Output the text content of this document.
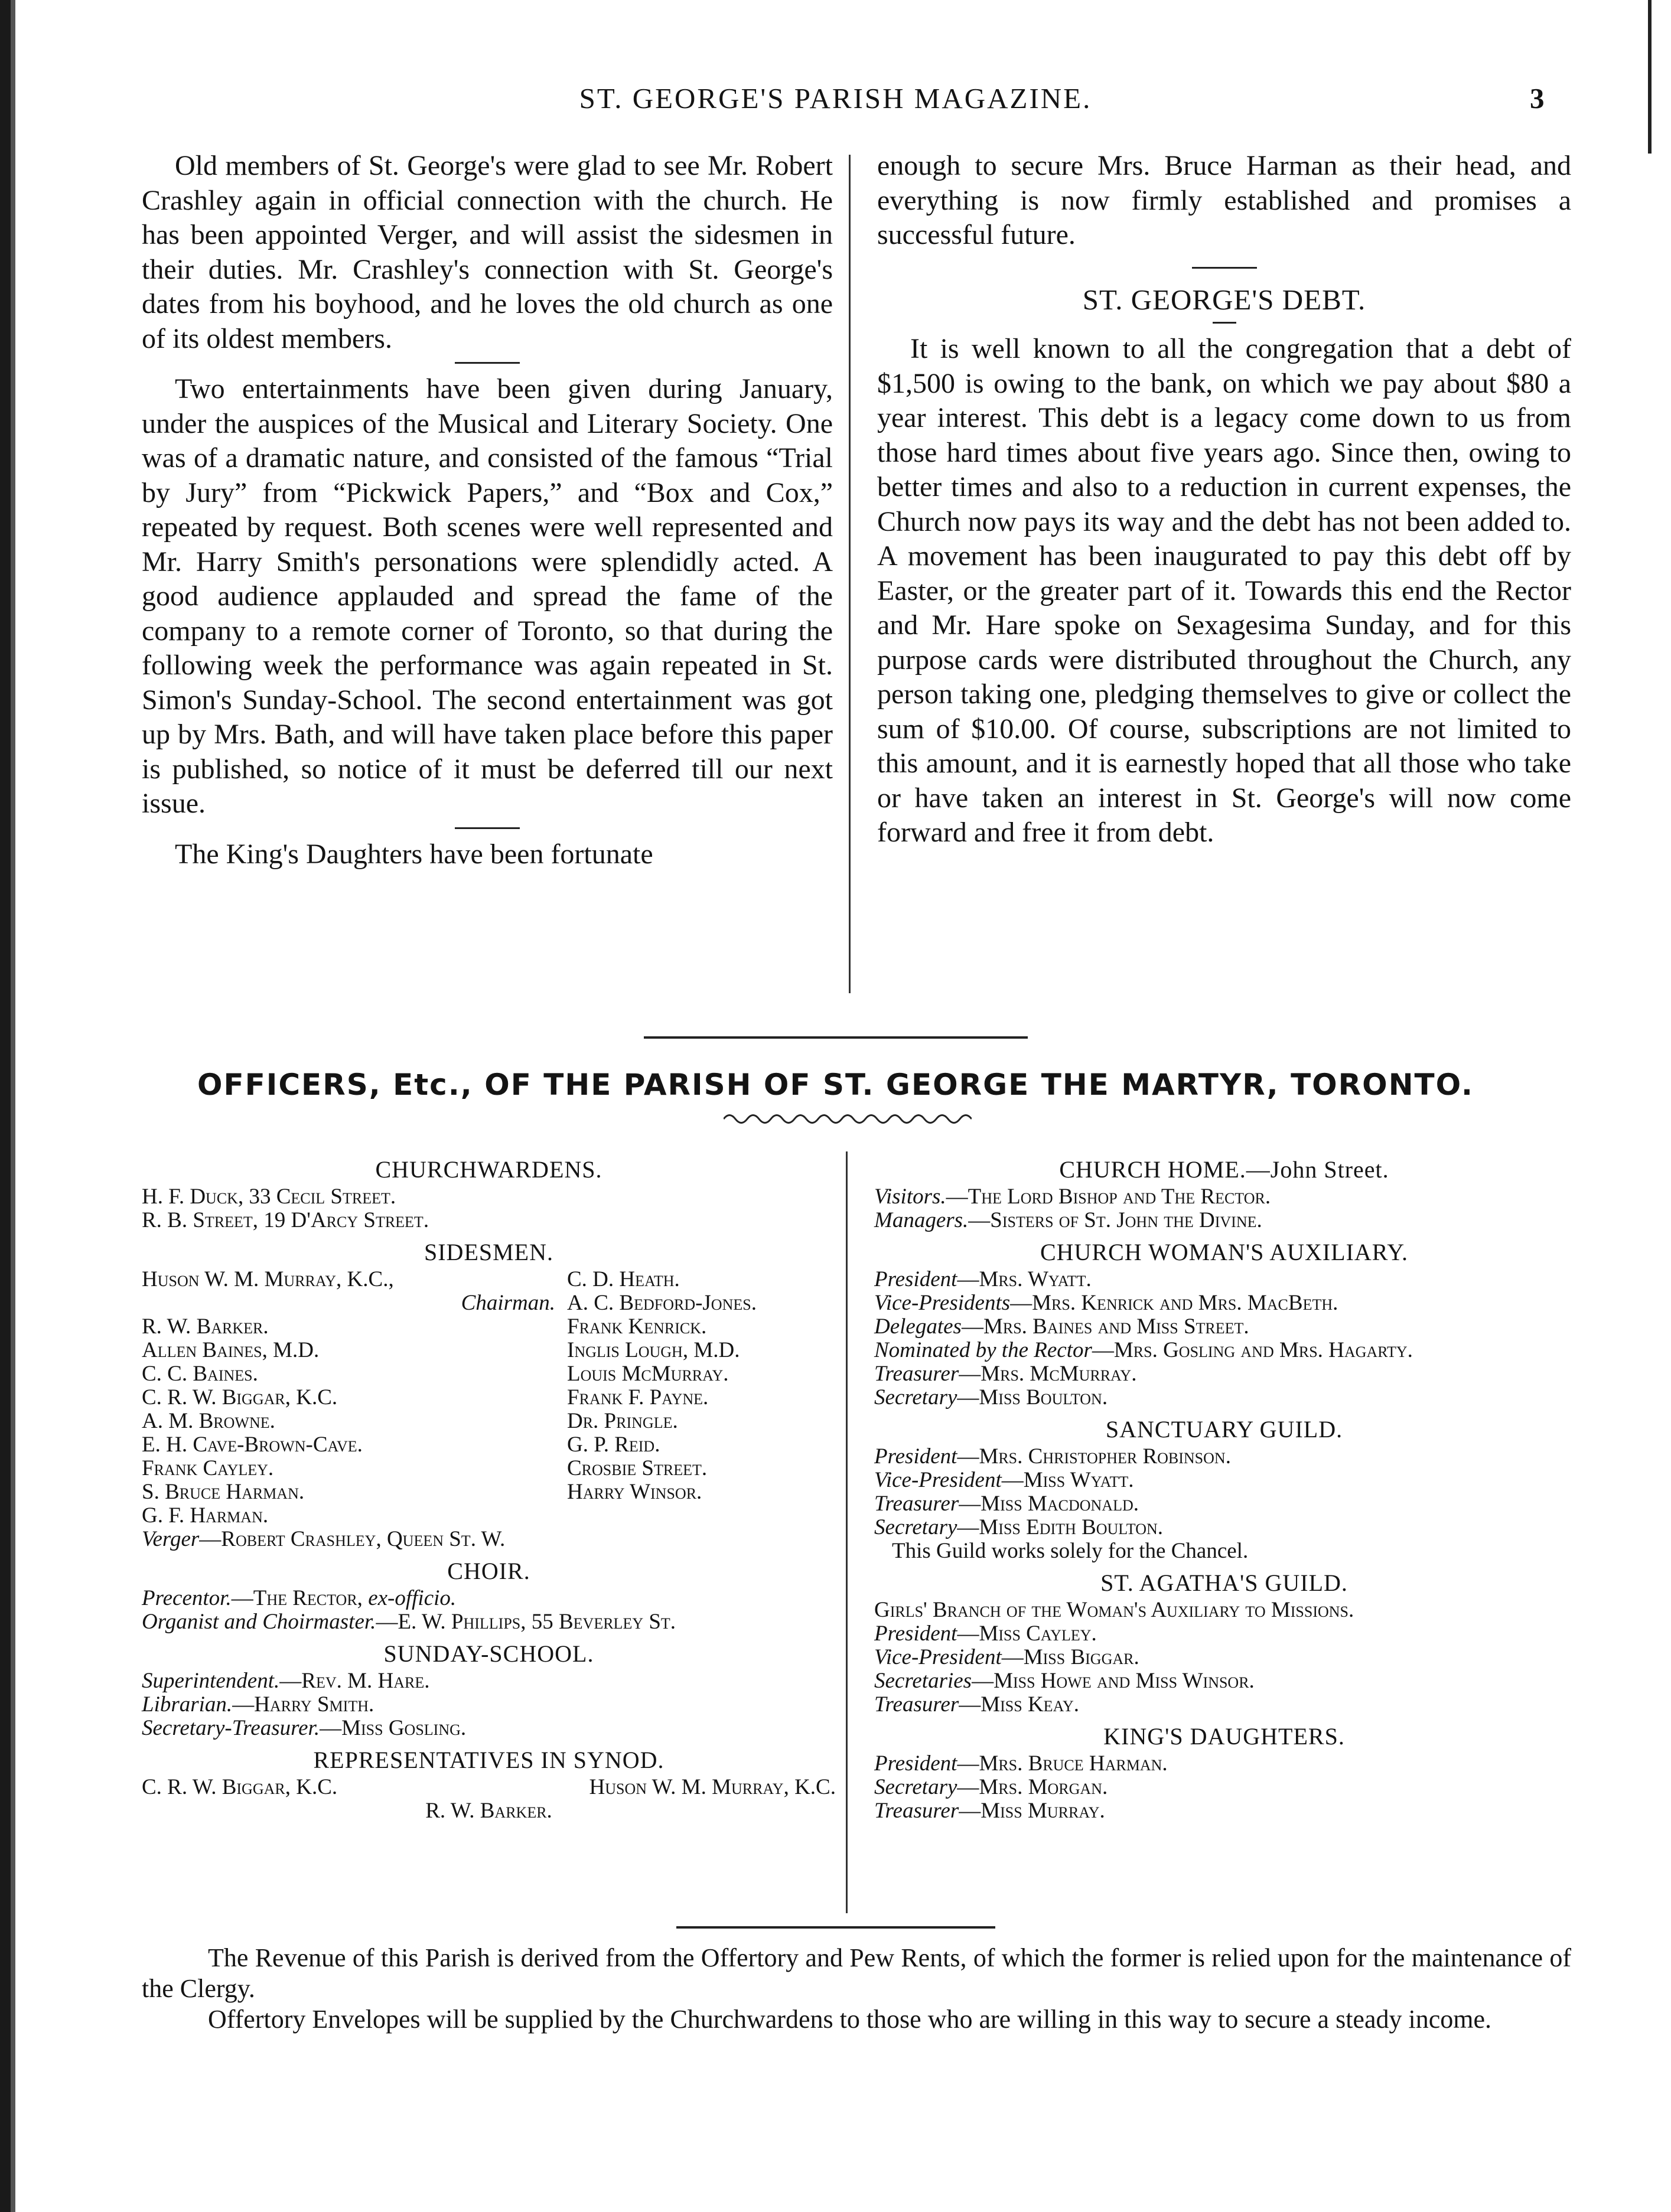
ST. GEORGE'S PARISH MAGAZINE.	3

Old members of St. George's were glad to see Mr. Robert Crashley again in official connection with the church. He has been appointed Verger, and will assist the sidesmen in their duties. Mr. Crashley's connection with St. George's dates from his boyhood, and he loves the old church as one of its oldest members.

Two entertainments have been given during January, under the auspices of the Musical and Literary Society. One was of a dramatic nature, and consisted of the famous “Trial by Jury” from “Pickwick Papers,” and “Box and Cox,” repeated by request. Both scenes were well represented and Mr. Harry Smith's personations were splendidly acted. A good audience applauded and spread the fame of the company to a remote corner of Toronto, so that during the following week the performance was again repeated in St. Simon's Sunday-School. The second entertainment was got up by Mrs. Bath, and will have taken place before this paper is published, so notice of it must be deferred till our next issue.

The King's Daughters have been fortunate

enough to secure Mrs. Bruce Harman as their head, and everything is now firmly established and promises a successful future.

ST. GEORGE'S DEBT.

It is well known to all the congregation that a debt of $1,500 is owing to the bank, on which we pay about $80 a year interest. This debt is a legacy come down to us from those hard times about five years ago. Since then, owing to better times and also to a reduction in current expenses, the Church now pays its way and the debt has not been added to. A movement has been inaugurated to pay this debt off by Easter, or the greater part of it. Towards this end the Rector and Mr. Hare spoke on Sexagesima Sunday, and for this purpose cards were distributed throughout the Church, any person taking one, pledging themselves to give or collect the sum of $10.00. Of course, subscriptions are not limited to this amount, and it is earnestly hoped that all those who take or have taken an interest in St. George's will now come forward and free it from debt.

OFFICERS, Etc., OF THE PARISH OF ST. GEORGE THE MARTYR, TORONTO.
CHURCHWARDENS.
H. F. Duck, 33 Cecil Street.
R. B. Street, 19 D'Arcy Street.
SIDESMEN.
Huson W. M. Murray, K.C.,
Chairman.
R. W. Barker.
Allen Baines, M.D.
C. C. Baines.
C. R. W. Biggar, K.C.
A. M. Browne.
E. H. Cave-Brown-Cave.
Frank Cayley.
S. Bruce Harman.
G. F. Harman.
C. D. Heath.
A. C. Bedford-Jones.
Frank Kenrick.
Inglis Lough, M.D.
Louis McMurray.
Frank F. Payne.
Dr. Pringle.
G. P. Reid.
Crosbie Street.
Harry Winsor.
Verger—Robert Crashley, Queen St. W.
CHOIR.
Precentor.—The Rector, ex-officio.
Organist and Choirmaster.—E. W. Phillips, 55 Beverley St.
SUNDAY-SCHOOL.
Superintendent.—Rev. M. Hare.
Librarian.—Harry Smith.
Secretary-Treasurer.—Miss Gosling.
REPRESENTATIVES IN SYNOD.
C. R. W. Biggar, K.C.	Huson W. M. Murray, K.C.
R. W. Barker.
CHURCH HOME.—John Street.
Visitors.—The Lord Bishop and The Rector.
Managers.—Sisters of St. John the Divine.
CHURCH WOMAN'S AUXILIARY.
President—Mrs. Wyatt.
Vice-Presidents—Mrs. Kenrick and Mrs. MacBeth.
Delegates—Mrs. Baines and Miss Street.
Nominated by the Rector—Mrs. Gosling and Mrs. Hagarty.
Treasurer—Mrs. McMurray.
Secretary—Miss Boulton.
SANCTUARY GUILD.
President—Mrs. Christopher Robinson.
Vice-President—Miss Wyatt.
Treasurer—Miss Macdonald.
Secretary—Miss Edith Boulton.
This Guild works solely for the Chancel.
ST. AGATHA'S GUILD.
Girls' Branch of the Woman's Auxiliary to Missions.
President—Miss Cayley.
Vice-President—Miss Biggar.
Secretaries—Miss Howe and Miss Winsor.
Treasurer—Miss Keay.
KING'S DAUGHTERS.
President—Mrs. Bruce Harman.
Secretary—Mrs. Morgan.
Treasurer—Miss Murray.

The Revenue of this Parish is derived from the Offertory and Pew Rents, of which the former is relied upon for the maintenance of the Clergy.

Offertory Envelopes will be supplied by the Churchwardens to those who are willing in this way to secure a steady income.
